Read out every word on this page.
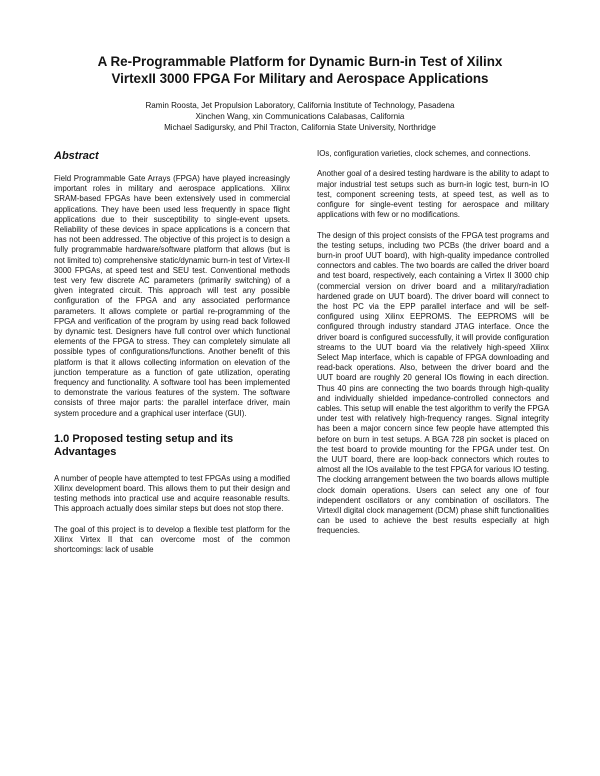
A Re-Programmable Platform for Dynamic Burn-in Test of Xilinx
VirtexII 3000 FPGA For Military and Aerospace Applications
Ramin Roosta, Jet Propulsion Laboratory, California Institute of Technology, Pasadena
Xinchen Wang, xin Communications Calabasas, California
Michael Sadigursky, and Phil Tracton, California State University, Northridge
Abstract

Field Programmable Gate Arrays (FPGA) have played increasingly important roles in military and aerospace applications. Xilinx SRAM-based FPGAs have been extensively used in commercial applications. They have been used less frequently in space flight applications due to their susceptibility to single-event upsets. Reliability of these devices in space applications is a concern that has not been addressed. The objective of this project is to design a fully programmable hardware/software platform that allows (but is not limited to) comprehensive static/dynamic burn-in test of Virtex-II 3000 FPGAs, at speed test and SEU test. Conventional methods test very few discrete AC parameters (primarily switching) of a given integrated circuit. This approach will test any possible configuration of the FPGA and any associated performance parameters. It allows complete or partial re-programming of the FPGA and verification of the program by using read back followed by dynamic test. Designers have full control over which functional elements of the FPGA to stress. They can completely simulate all possible types of configurations/functions. Another benefit of this platform is that it allows collecting information on elevation of the junction temperature as a function of gate utilization, operating frequency and functionality. A software tool has been implemented to demonstrate the various features of the system. The software consists of three major parts: the parallel interface driver, main system procedure and a graphical user interface (GUI).

1.0 Proposed testing setup and its Advantages

A number of people have attempted to test FPGAs using a modified Xilinx development board. This allows them to put their design and testing methods into practical use and acquire reasonable results. This approach actually does similar steps but does not stop there.

The goal of this project is to develop a flexible test platform for the Xilinx Virtex II that can overcome most of the common shortcomings: lack of usable

IOs, configuration varieties, clock schemes, and connections.

Another goal of a desired testing hardware is the ability to adapt to major industrial test setups such as burn-in logic test, burn-in IO test, component screening tests, at speed test, as well as to configure for single-event testing for aerospace and military applications with few or no modifications.

The design of this project consists of the FPGA test programs and the testing setups, including two PCBs (the driver board and a burn-in proof UUT board), with high-quality impedance controlled connectors and cables. The two boards are called the driver board and test board, respectively, each containing a Virtex II 3000 chip (commercial version on driver board and a military/radiation hardened grade on UUT board). The driver board will connect to the host PC via the EPP parallel interface and will be self-configured using Xilinx EEPROMS. The EEPROMS will be configured through industry standard JTAG interface. Once the driver board is configured successfully, it will provide configuration streams to the UUT board via the relatively high-speed Xilinx Select Map interface, which is capable of FPGA downloading and read-back operations. Also, between the driver board and the UUT board are roughly 20 general IOs flowing in each direction. Thus 40 pins are connecting the two boards through high-quality and individually shielded impedance-controlled connectors and cables. This setup will enable the test algorithm to verify the FPGA under test with relatively high-frequency ranges. Signal integrity has been a major concern since few people have attempted this before on burn in test setups. A BGA 728 pin socket is placed on the test board to provide mounting for the FPGA under test. On the UUT board, there are loop-back connectors which routes to almost all the IOs available to the test FPGA for various IO testing. The clocking arrangement between the two boards allows multiple clock domain operations. Users can select any one of four independent oscillators or any combination of oscillators. The VirtexII digital clock management (DCM) phase shift functionalities can be used to achieve the best results especially at high frequencies.
